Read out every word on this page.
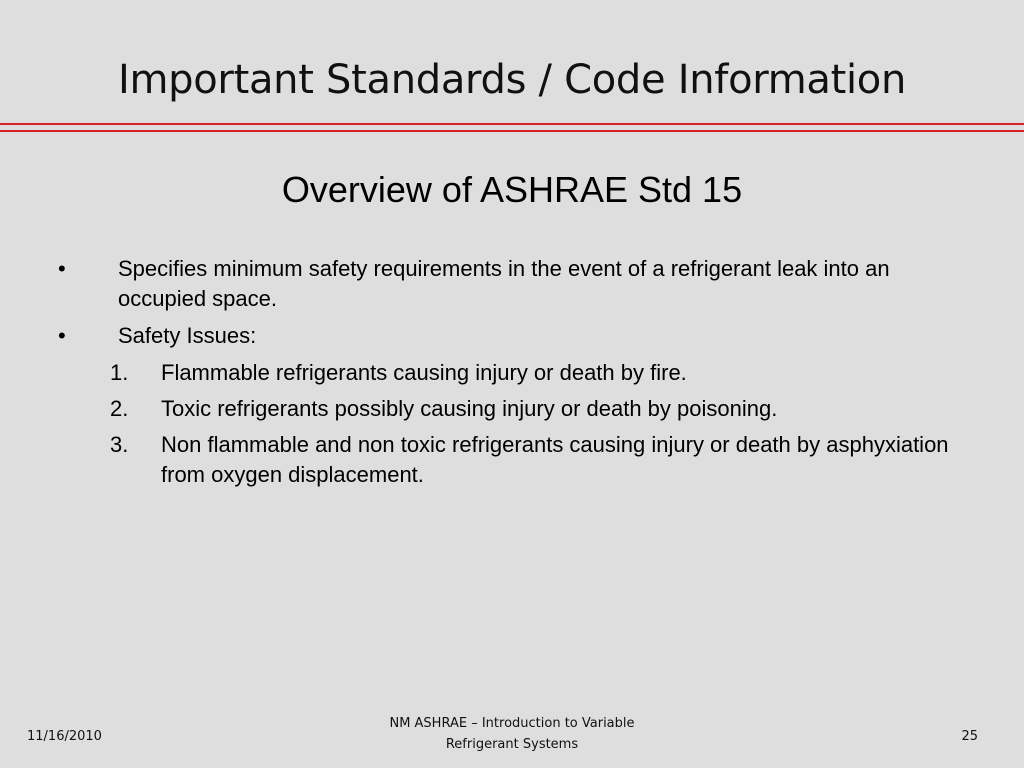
Important Standards / Code Information
Overview of ASHRAE Std 15
• Specifies minimum safety requirements in the event of a refrigerant leak into an occupied space.
• Safety Issues:
1. Flammable refrigerants causing injury or death by fire.
2. Toxic refrigerants possibly causing injury or death by poisoning.
3. Non flammable and non toxic refrigerants causing injury or death by asphyxiation from oxygen displacement.
11/16/2010
NM ASHRAE – Introduction to Variable
Refrigerant Systems
25
